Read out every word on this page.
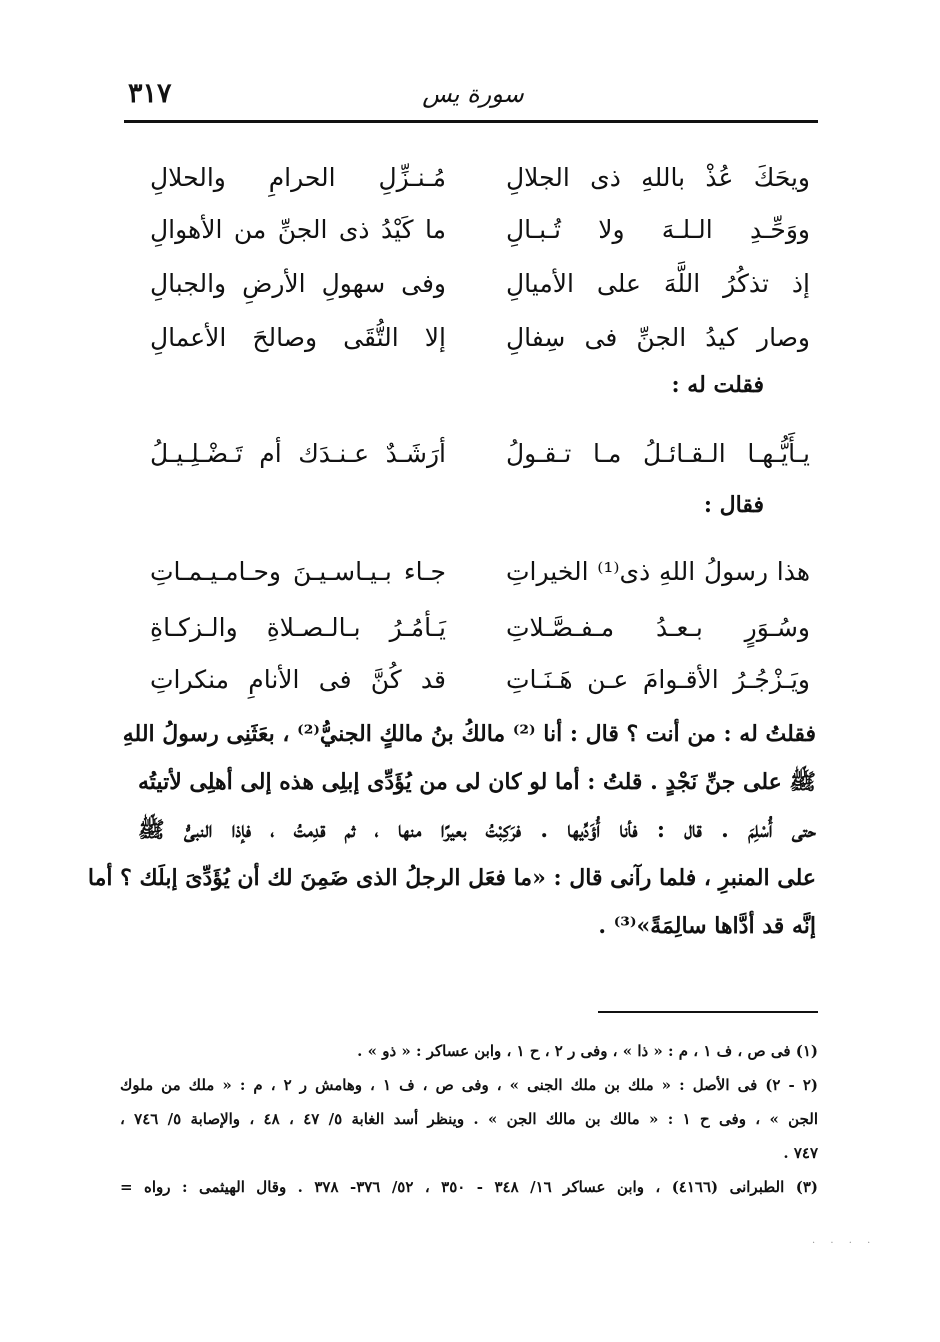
٣١٧	سورة يس
ويحَكَ عُذْ باللهِ ذى الجلالِ
مُـنـزِّلِ الحرامِ والحلالِ
ووَحِّـدِ الـلـهَ ولا تُـبـالِ
ما كَيْدُ ذى الجنِّ من الأهوالِ
إذ تذكُرُ اللَّهَ على الأميالِ
وفى سهولِ الأرضِ والجبالِ
وصار كيدُ الجنِّ فى سِفالِ
إلا التُّقَى وصالحَ الأعمالِ
فقلت له :
يـأَيُّـهـا الـقـائـلُ مـا تـقـولُ
أرَشَـدٌ عـنـدَك أم تَـضْـلِـيـلُ
فقال :
هذا رسولُ اللهِ ذى⁽¹⁾ الخيراتِ
جـاء بـيـاسـيـنَ وحـامـيـمـاتِ
وسُـوَرٍ بـعـدُ مـفـصَّـلاتِ
يَـأمُـرُ بـالـصـلاةِ والـزكـاةِ
ويَـزْجُـرُ الأقـوامَ عـن هَـنَـاتِ
قد كُنَّ فى الأنامِ منكراتِ
فقلتُ له : من أنت ؟ قال : أنا ⁽²⁾ مالكُ بنُ مالكٍ الجنيُّ⁽²⁾ ، بعَثَنِى رسولُ اللهِ
ﷺ على جنِّ نَجْدٍ . قلتُ : أما لو كان لى من يُؤَدِّى إبلِى هذه إلى أهلِى لأتيتُه
حتى أُسْلِمَ . قال : فأنا أُؤَدِّيها . فرَكِبْتُ بعيرًا منها ، ثم قدِمتُ ، فإذا النبىُّ ﷺ
على المنبرِ ، فلما رآنى قال : «ما فعَل الرجلُ الذى ضَمِنَ لك أن يُؤَدِّىَ إبلَك ؟ أما
إنَّه قد أدَّاها سالِمَةً»⁽³⁾ .
(١) فى ص ، ف ١ ، م : « ذا » ، وفى ر ٢ ، ح ١ ، وابن عساكر : « ذو » .
(٢ - ٢) فى الأصل : « ملك بن ملك الجنى » ، وفى ص ، ف ١ ، وهامش ر ٢ ، م : « ملك من ملوك
الجن » ، وفى ح ١ : « مالك بن مالك الجن » . وينظر أسد الغابة ٥/ ٤٧ ، ٤٨ ، والإصابة ٥/ ٧٤٦ ،
٧٤٧ .
(٣) الطبرانى (٤١٦٦) ، وابن عساكر ١٦/ ٣٤٨ - ٣٥٠ ، ٥٢/ ٣٧٦- ٣٧٨ . وقال الهيثمى : رواه =
· · · ·
